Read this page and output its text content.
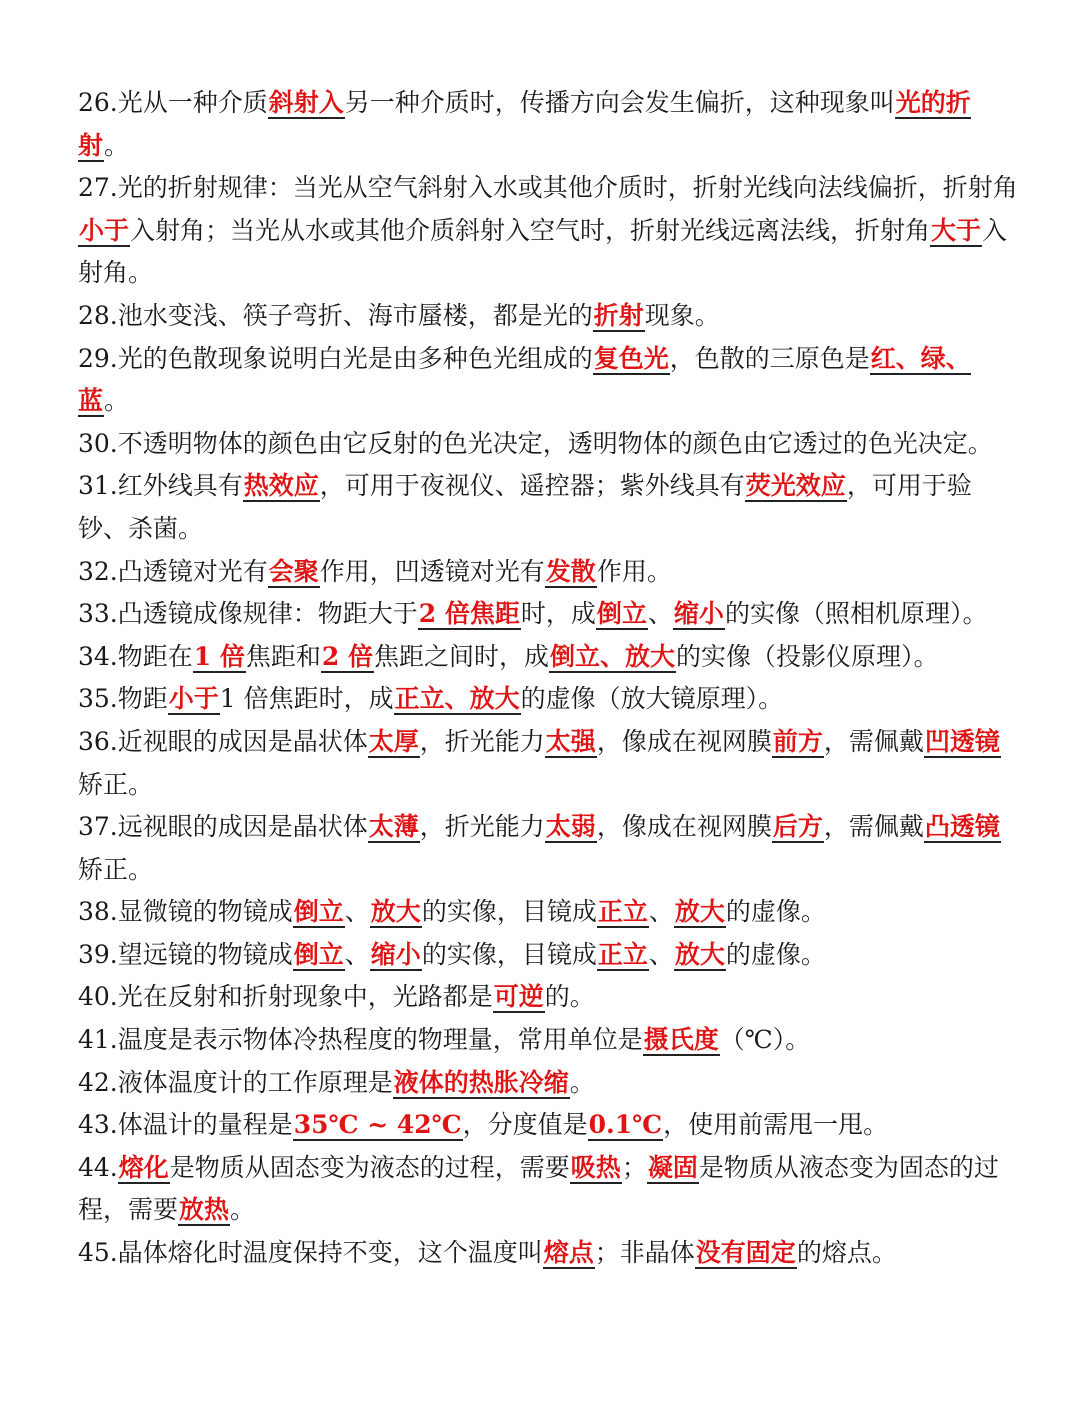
26.光从一种介质斜射入另一种介质时，传播方向会发生偏折，这种现象叫光的折射。

27.光的折射规律：当光从空气斜射入水或其他介质时，折射光线向法线偏折，折射角小于入射角；当光从水或其他介质斜射入空气时，折射光线远离法线，折射角大于入射角。

28.池水变浅、筷子弯折、海市蜃楼，都是光的折射现象。

29.光的色散现象说明白光是由多种色光组成的复色光，色散的三原色是红、绿、蓝。

30.不透明物体的颜色由它反射的色光决定，透明物体的颜色由它透过的色光决定。

31.红外线具有热效应，可用于夜视仪、遥控器；紫外线具有荧光效应，可用于验钞、杀菌。

32.凸透镜对光有会聚作用，凹透镜对光有发散作用。

33.凸透镜成像规律：物距大于2 倍焦距时，成倒立、缩小的实像（照相机原理）。

34.物距在1 倍焦距和2 倍焦距之间时，成倒立、放大的实像（投影仪原理）。

35.物距小于1 倍焦距时，成正立、放大的虚像（放大镜原理）。

36.近视眼的成因是晶状体太厚，折光能力太强，像成在视网膜前方，需佩戴凹透镜矫正。

37.远视眼的成因是晶状体太薄，折光能力太弱，像成在视网膜后方，需佩戴凸透镜矫正。

38.显微镜的物镜成倒立、放大的实像，目镜成正立、放大的虚像。

39.望远镜的物镜成倒立、缩小的实像，目镜成正立、放大的虚像。

40.光在反射和折射现象中，光路都是可逆的。

41.温度是表示物体冷热程度的物理量，常用单位是摄氏度（℃）。

42.液体温度计的工作原理是液体的热胀冷缩。

43.体温计的量程是35℃ ~ 42℃，分度值是0.1℃，使用前需甩一甩。

44.熔化是物质从固态变为液态的过程，需要吸热；凝固是物质从液态变为固态的过程，需要放热。

45.晶体熔化时温度保持不变，这个温度叫熔点；非晶体没有固定的熔点。
